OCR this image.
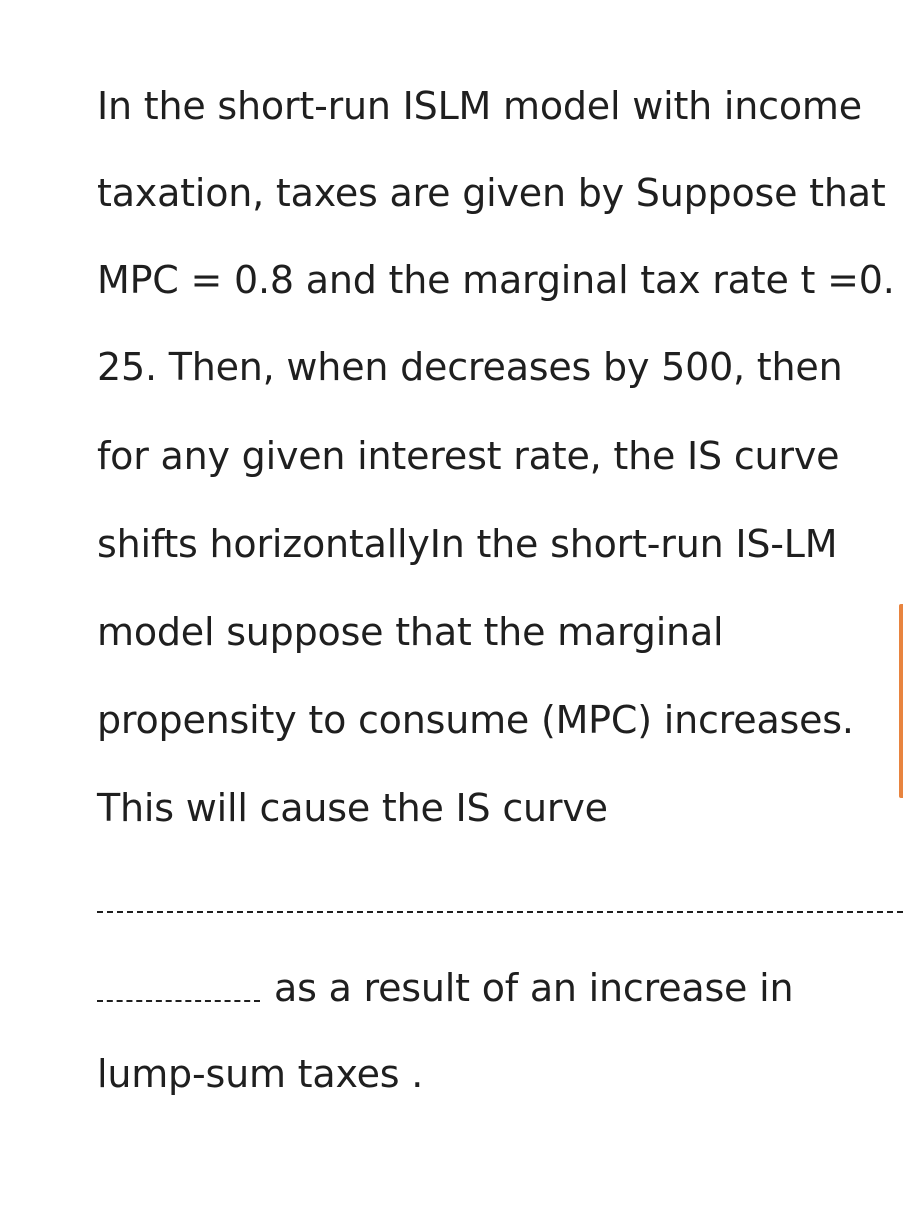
In the short-run ISLM model with income
taxation, taxes are given by Suppose that
MPC = 0.8 and the marginal tax rate t =0.
25. Then, when decreases by 500, then
for any given interest rate, the IS curve
shifts horizontallyIn the short-run IS-LM
model suppose that the marginal
propensity to consume (MPC) increases.
This will cause the IS curve
as a result of an increase in
lump-sum taxes .
